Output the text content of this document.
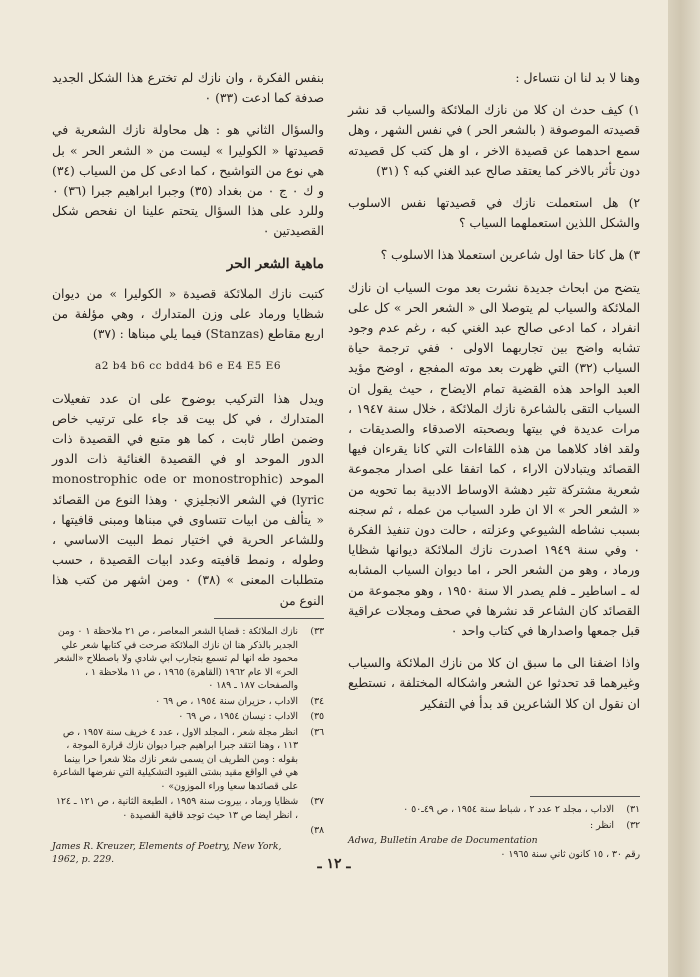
وهنا لا بد لنا ان نتساءل :

١) كيف حدث ان كلا من نازك الملائكة والسياب قد نشر قصيدته الموصوفة ( بالشعر الحر ) في نفس الشهر ، وهل سمع احدهما عن قصيدة الاخر ، او هل كتب كل قصيدته دون تأثر بالاخر كما يعتقد صالح عبد الغني كبه ؟ (٣١)

٢) هل استعملت نازك في قصيدتها نفس الاسلوب والشكل اللذين استعملهما السياب ؟

٣) هل كانا حقا اول شاعرين استعملا هذا الاسلوب ؟

يتضح من ابحاث جديدة نشرت بعد موت السياب ان نازك الملائكة والسياب لم يتوصلا الى « الشعر الحر » كل على انفراد ، كما ادعى صالح عبد الغني كبه ، رغم عدم وجود تشابه واضح بين تجاربهما الاولى ٠ ففي ترجمة حياة السياب (٣٢) التي ظهرت بعد موته المفجع ، اوضح مؤيد العبد الواحد هذه القضية تمام الايضاح ، حيث يقول ان السياب التقى بالشاعرة نازك الملائكة ، خلال سنة ١٩٤٧ ، مرات عديدة في بيتها وبصحبته الاصدقاء والصديقات ، ولقد افاد كلاهما من هذه اللقاءات التي كانا يقرءان فيها القصائد ويتبادلان الاراء ، كما اتفقا على اصدار مجموعة شعرية مشتركة تثير دهشة الاوساط الادبية بما تحويه من « الشعر الحر » الا ان طرد السياب من عمله ، ثم سجنه بسبب نشاطه الشيوعي وعزلته ، حالت دون تنفيذ الفكرة ٠ وفي سنة ١٩٤٩ اصدرت نازك الملائكة ديوانها شظايا ورماد ، وهو من الشعر الحر ، اما ديوان السياب المشابه له ـ اساطير ـ فلم يصدر الا سنة ١٩٥٠ ، وهو مجموعة من القصائد كان الشاعر قد نشرها في صحف ومجلات عراقية قبل جمعها واصدارها في كتاب واحد ٠

واذا اضفنا الى ما سبق ان كلا من نازك الملائكة والسياب وغيرهما قد تحدثوا عن الشعر واشكاله المختلفة ، نستطيع ان نقول ان كلا الشاعرين قد بدأ في التفكير

٣١)
الاداب ، مجلد ٢ عدد ٢ ، شباط سنة ١٩٥٤ ، ص ٤٩ـ٥٠ ٠
٣٢)
انظر :
Adwa, Bulletin Arabe de Documentation
رقم ٣٠ ، ١٥ كانون ثاني سنة ١٩٦٥ ٠

بنفس الفكرة ، وان نازك لم تخترع هذا الشكل الجديد صدفة كما ادعت (٣٣) ٠

والسؤال الثاني هو : هل محاولة نازك الشعرية في قصيدتها « الكوليرا » ليست من « الشعر الحر » بل هي نوع من التواشيح ، كما ادعى كل من السياب (٣٤) و ك ٠ ج ٠ من بغداد (٣٥) وجبرا ابراهيم جبرا (٣٦) ٠ وللرد على هذا السؤال يتحتم علينا ان نفحص شكل القصيدتين ٠

ماهية الشعر الحر

كتبت نازك الملائكة قصيدة « الكوليرا » من ديوان شظايا ورماد على وزن المتدارك ، وهي مؤلفة من اربع مقاطع (Stanzas) فيما يلي مبناها : (٣٧)

a2 b4 b6 cc bdd4 b6 e E4 E5 E6

ويدل هذا التركيب بوضوح على ان عدد تفعيلات المتدارك ، في كل بيت قد جاء على ترتيب خاص وضمن اطار ثابت ، كما هو متبع في القصيدة ذات الدور الموحد او في القصيدة الغنائية ذات الدور الموحد (monostrophic ode or monostrophic lyric) في الشعر الانجليزي ٠ وهذا النوع من القصائد « يتألف من ابيات تتساوى في مبناها ومبنى قافيتها ، وللشاعر الحرية في اختيار نمط البيت الاساسي ، وطوله ، ونمط قافيته وعدد ابيات القصيدة ، حسب متطلبات المعنى » (٣٨) ٠ ومن اشهر من كتب هذا النوع من

٣٣)
نازك الملائكة : قضايا الشعر المعاصر ، ص ٢١ ملاحظة ١ ٠ ومن الجدير بالذكر هنا ان نازك الملائكة صرحت في كتابها شعر علي محمود طه انها لم تسمع بتجارب ابي شادي ولا باصطلاح «الشعر الحر» الا عام ١٩٦٢ (القاهرة) ١٩٦٥ ، ص ١١ ملاحظة ١ ، والصفحات ١٨٧ ـ ١٨٩ ٠
٣٤)
الاداب ، حزيران سنة ١٩٥٤ ، ص ٦٩ ٠
٣٥)
الاداب : نيسان ١٩٥٤ ، ص ٦٩ ٠
٣٦)
انظر مجلة شعر ، المجلد الاول ، عدد ٤ خريف سنة ١٩٥٧ ، ص ١١٣ ، وهنا انتقد جبرا ابراهيم جبرا ديوان نازك قرارة الموجة ، بقوله : ومن الطريف ان يسمى شعر نازك مثلا شعرا حرا بينما هي في الواقع مقيد بشتى القيود التشكيلية التي نفرضها الشاعرة على قصائدها سعيا وراء الموزون» ٠
٣٧)
شظايا ورماد ، بيروت سنة ١٩٥٩ ، الطبعة الثانية ، ص ١٢١ ـ ١٢٤ ، انظر ايضا ص ١٣ حيث توجد قافية القصيدة ٠
٣٨)
James R. Kreuzer, Elements of Poetry, New York, 1962, p. 229.	ـ ١٢ ـ
